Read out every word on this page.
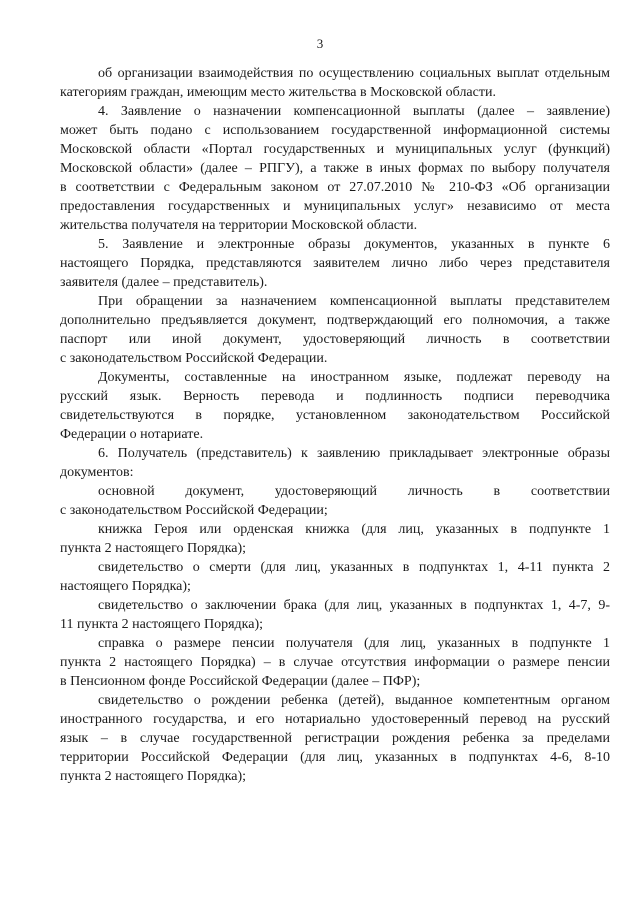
3
об организации взаимодействия по осуществлению социальных выплат отдельным
категориям граждан, имеющим место жительства в Московской области.
4. Заявление о назначении компенсационной выплаты (далее – заявление)
может быть подано с использованием государственной информационной системы
Московской области «Портал государственных и муниципальных услуг (функций)
Московской области» (далее – РПГУ), а также в иных формах по выбору получателя
в соответствии с Федеральным законом от 27.07.2010 № 210-ФЗ «Об организации
предоставления государственных и муниципальных услуг» независимо от места
жительства получателя на территории Московской области.
5. Заявление и электронные образы документов, указанных в пункте 6
настоящего Порядка, представляются заявителем лично либо через представителя
заявителя (далее – представитель).
При обращении за назначением компенсационной выплаты представителем
дополнительно предъявляется документ, подтверждающий его полномочия, а также
паспорт или иной документ, удостоверяющий личность в соответствии
с законодательством Российской Федерации.
Документы, составленные на иностранном языке, подлежат переводу на
русский язык. Верность перевода и подлинность подписи переводчика
свидетельствуются в порядке, установленном законодательством Российской
Федерации о нотариате.
6. Получатель (представитель) к заявлению прикладывает электронные образы
документов:
основной документ, удостоверяющий личность в соответствии
с законодательством Российской Федерации;
книжка Героя или орденская книжка (для лиц, указанных в подпункте 1
пункта 2 настоящего Порядка);
свидетельство о смерти (для лиц, указанных в подпунктах 1, 4-11 пункта 2
настоящего Порядка);
свидетельство о заключении брака (для лиц, указанных в подпунктах 1, 4-7, 9-
11 пункта 2 настоящего Порядка);
справка о размере пенсии получателя (для лиц, указанных в подпункте 1
пункта 2 настоящего Порядка) – в случае отсутствия информации о размере пенсии
в Пенсионном фонде Российской Федерации (далее – ПФР);
свидетельство о рождении ребенка (детей), выданное компетентным органом
иностранного государства, и его нотариально удостоверенный перевод на русский
язык – в случае государственной регистрации рождения ребенка за пределами
территории Российской Федерации (для лиц, указанных в подпунктах 4-6, 8-10
пункта 2 настоящего Порядка);
